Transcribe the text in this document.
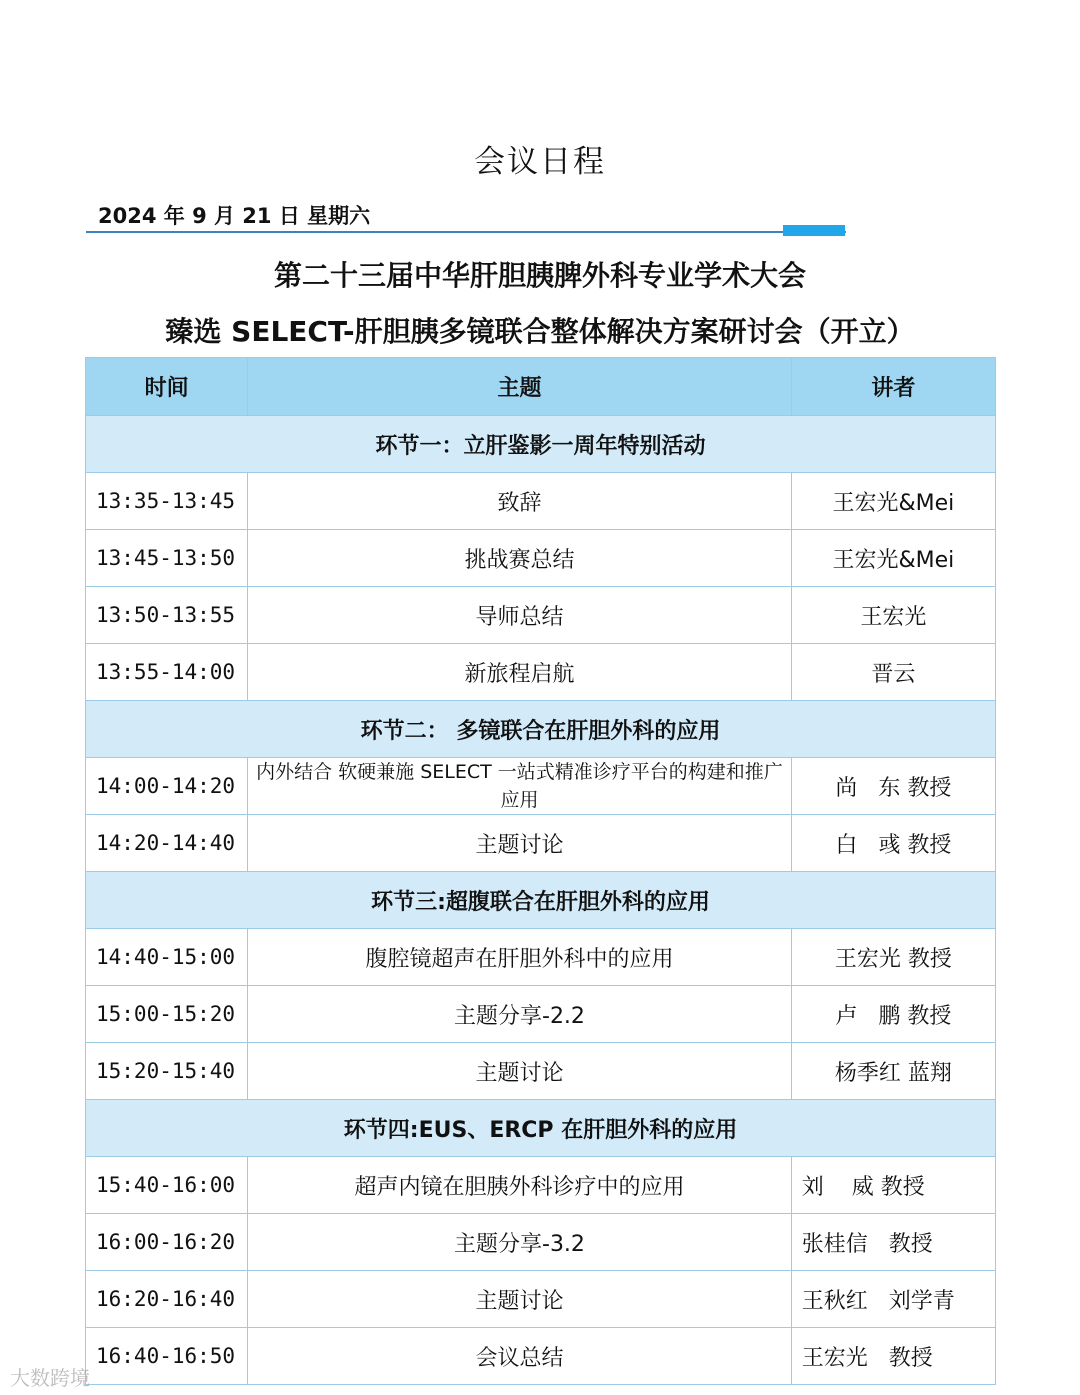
会议日程
2024 年 9 月 21 日 星期六
第二十三届中华肝胆胰脾外科专业学术大会
臻选 SELECT-肝胆胰多镜联合整体解决方案研讨会（开立）
时间	主题	讲者
环节一：立肝鉴影一周年特别活动		
13:35-13:45	致辞	王宏光&Mei
13:45-13:50	挑战赛总结	王宏光&Mei
13:50-13:55	导师总结	王宏光
13:55-14:00	新旅程启航	晋云
环节二： 多镜联合在肝胆外科的应用		
14:00-14:20	内外结合 软硬兼施 SELECT 一站式精准诊疗平台的构建和推广应用	尚   东 教授
14:20-14:40	主题讨论	白   彧 教授
环节三:超腹联合在肝胆外科的应用		
14:40-15:00	腹腔镜超声在肝胆外科中的应用	王宏光 教授
15:00-15:20	主题分享-2.2	卢   鹏 教授
15:20-15:40	主题讨论	杨季红 蓝翔
环节四:EUS、ERCP 在肝胆外科的应用		
15:40-16:00	超声内镜在胆胰外科诊疗中的应用	刘    威 教授
16:00-16:20	主题分享-3.2	张桂信   教授
16:20-16:40	主题讨论	王秋红   刘学青
16:40-16:50	会议总结	王宏光   教授
大数跨境
